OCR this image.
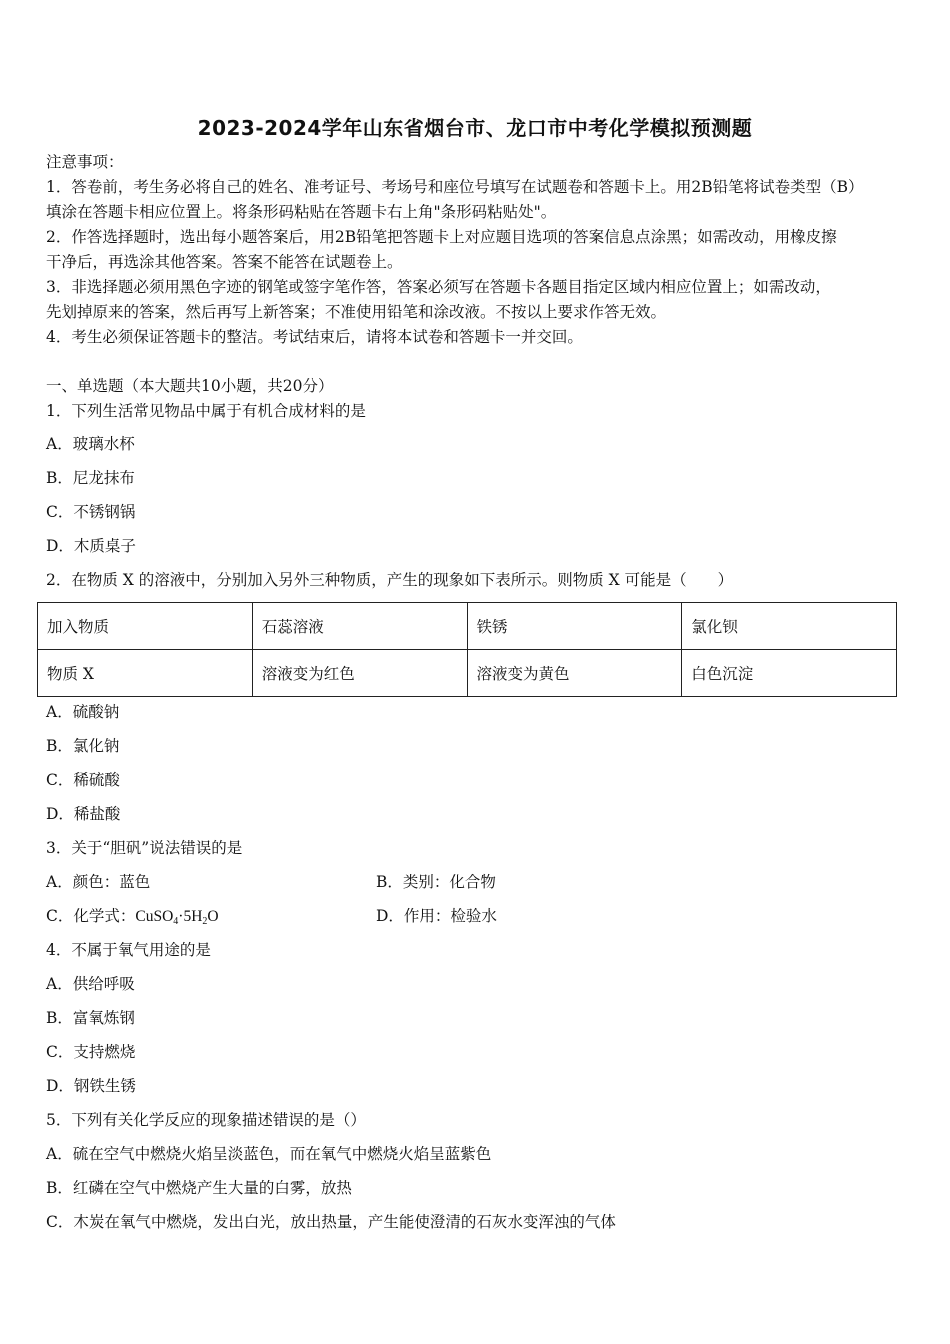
2023-2024学年山东省烟台市、龙口市中考化学模拟预测题
注意事项：
1．答卷前，考生务必将自己的姓名、准考证号、考场号和座位号填写在试题卷和答题卡上。用2B铅笔将试卷类型（B）
填涂在答题卡相应位置上。将条形码粘贴在答题卡右上角"条形码粘贴处"。
2．作答选择题时，选出每小题答案后，用2B铅笔把答题卡上对应题目选项的答案信息点涂黑；如需改动，用橡皮擦
干净后，再选涂其他答案。答案不能答在试题卷上。
3．非选择题必须用黑色字迹的钢笔或签字笔作答，答案必须写在答题卡各题目指定区域内相应位置上；如需改动，
先划掉原来的答案，然后再写上新答案；不准使用铅笔和涂改液。不按以上要求作答无效。
4．考生必须保证答题卡的整洁。考试结束后，请将本试卷和答题卡一并交回。
一、单选题（本大题共10小题，共20分）
1．下列生活常见物品中属于有机合成材料的是
A．玻璃水杯
B．尼龙抹布
C．不锈钢锅
D．木质桌子
2．在物质 X 的溶液中，分别加入另外三种物质，产生的现象如下表所示。则物质 X 可能是（　　）
加入物质	石蕊溶液	铁锈	氯化钡
物质 X	溶液变为红色	溶液变为黄色	白色沉淀
A．硫酸钠
B．氯化钠
C．稀硫酸
D．稀盐酸
3．关于“胆矾”说法错误的是
A．颜色：蓝色	B．类别：化合物
C．化学式：$CuSO_4\cdot 5H_2O$	D．作用：检验水
4．不属于氧气用途的是
A．供给呼吸
B．富氧炼钢
C．支持燃烧
D．钢铁生锈
5．下列有关化学反应的现象描述错误的是（）
A．硫在空气中燃烧火焰呈淡蓝色，而在氧气中燃烧火焰呈蓝紫色
B．红磷在空气中燃烧产生大量的白雾，放热
C．木炭在氧气中燃烧，发出白光，放出热量，产生能使澄清的石灰水变浑浊的气体
